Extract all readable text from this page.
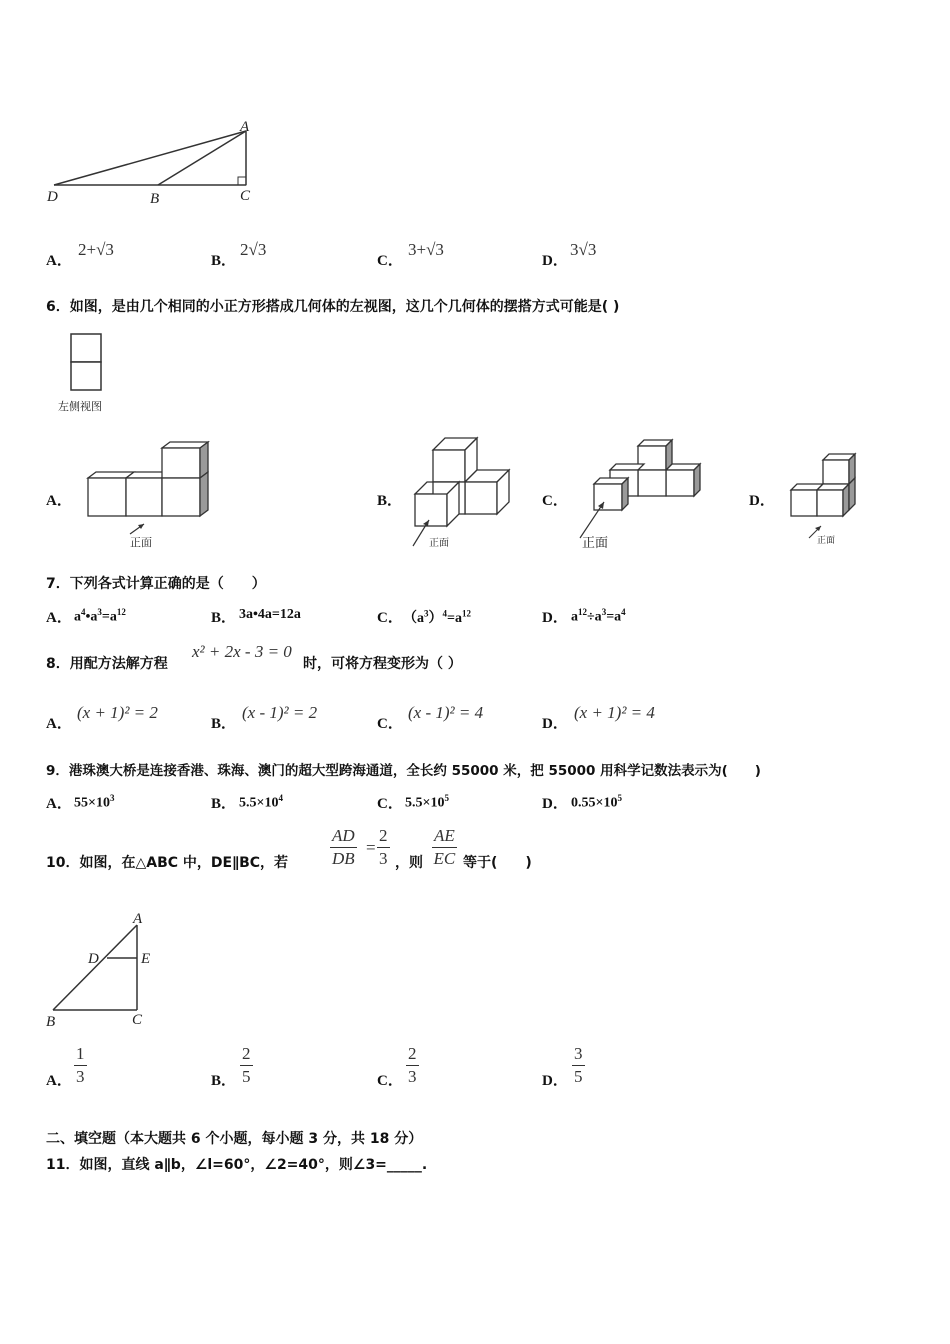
A
D	B	C
A．
2+√3
B．
2√3
C．
3+√3
D．
3√3
6．如图，是由几个相同的小正方形搭成几何体的左视图，这几个几何体的摆搭方式可能是( )
左侧视图
A．
正面
B．
正面
C．
正面
D．
正面
7．下列各式计算正确的是（　　）
A． $a^4•a^3=a^{12}$	B． 3a•4a=12a	C． $(a^3)^4=a^{12}$	D． $a^{12}\div a^3=a^4$
8．用配方法解方程
x² + 2x - 3 = 0
时，可将方程变形为（ ）
A．
(x + 1)² = 2
B．
(x - 1)² = 2
C．
(x - 1)² = 4
D．
(x + 1)² = 4
9．港珠澳大桥是连接香港、珠海、澳门的超大型跨海通道，全长约 55000 米，把 55000 用科学记数法表示为(　　)
A． $55\times 10^3$	B． $5.5\times 10^4$	C． $5.5\times 10^5$	D． $0.55\times 10^5$
10．如图，在△ABC 中，DE∥BC，若 $\frac{AD}{DB} = \frac{2}{3}$ ，则 $\frac{AE}{EC}$ 等于(　　)
A
D	E
B	C
A． $\frac{1}{3}$	B． $\frac{2}{5}$	C． $\frac{2}{3}$	D． $\frac{3}{5}$
二、填空题（本大题共 6 个小题，每小题 3 分，共 18 分）
11．如图，直线 a∥b，∠l=60°，∠2=40°，则∠3=_____.
